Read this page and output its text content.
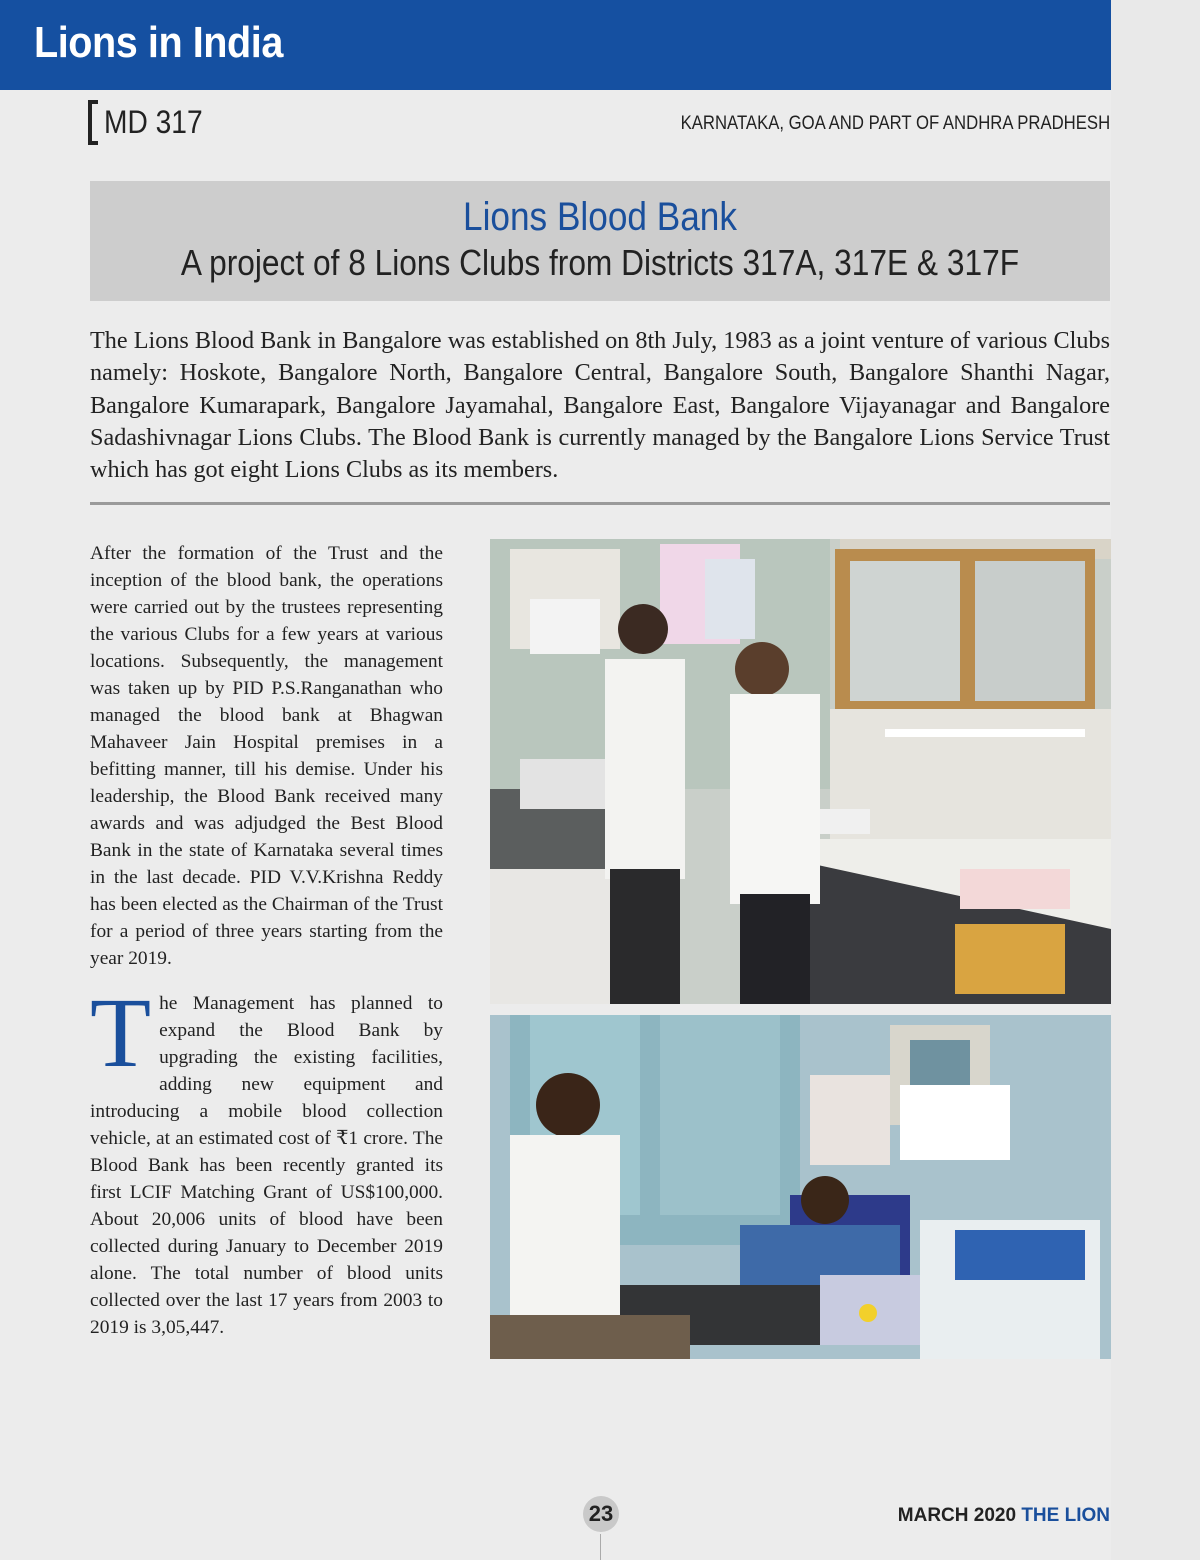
Lions in India
MD 317	KARNATAKA, GOA AND PART OF ANDHRA PRADHESH
Lions Blood Bank
A project of 8 Lions Clubs from Districts 317A, 317E & 317F
The Lions Blood Bank in Bangalore was established on 8th July, 1983 as a joint venture of various Clubs namely: Hoskote, Bangalore North, Bangalore Central, Bangalore South, Bangalore Shanthi Nagar, Bangalore Kumarapark, Bangalore Jayamahal, Bangalore East, Bangalore Vijayanagar and Bangalore Sadashivnagar Lions Clubs. The Blood Bank is currently managed by the Bangalore Lions Service Trust which has got eight Lions Clubs as its members.

After the formation of the Trust and the inception of the blood bank, the operations were carried out by the trustees representing the various Clubs for a few years at various locations. Subsequently, the management was taken up by PID P.S.Ranganathan who managed the blood bank at Bhagwan Mahaveer Jain Hospital premises in a befitting manner, till his demise. Under his leadership, the Blood Bank received many awards and was adjudged the Best Blood Bank in the state of Karnataka several times in the last decade. PID V.V.Krishna Reddy has been elected as the Chairman of the Trust for a period of three years starting from the year 2019.

The Management has planned to expand the Blood Bank by upgrading the existing facilities, adding new equipment and introducing a mobile blood collection vehicle, at an estimated cost of ₹1 crore. The Blood Bank has been recently granted its first LCIF Matching Grant of US$100,000. About 20,006 units of blood have been collected during January to December 2019 alone. The total number of blood units collected over the last 17 years from 2003 to 2019 is 3,05,447.

23	MARCH 2020 THE LION
